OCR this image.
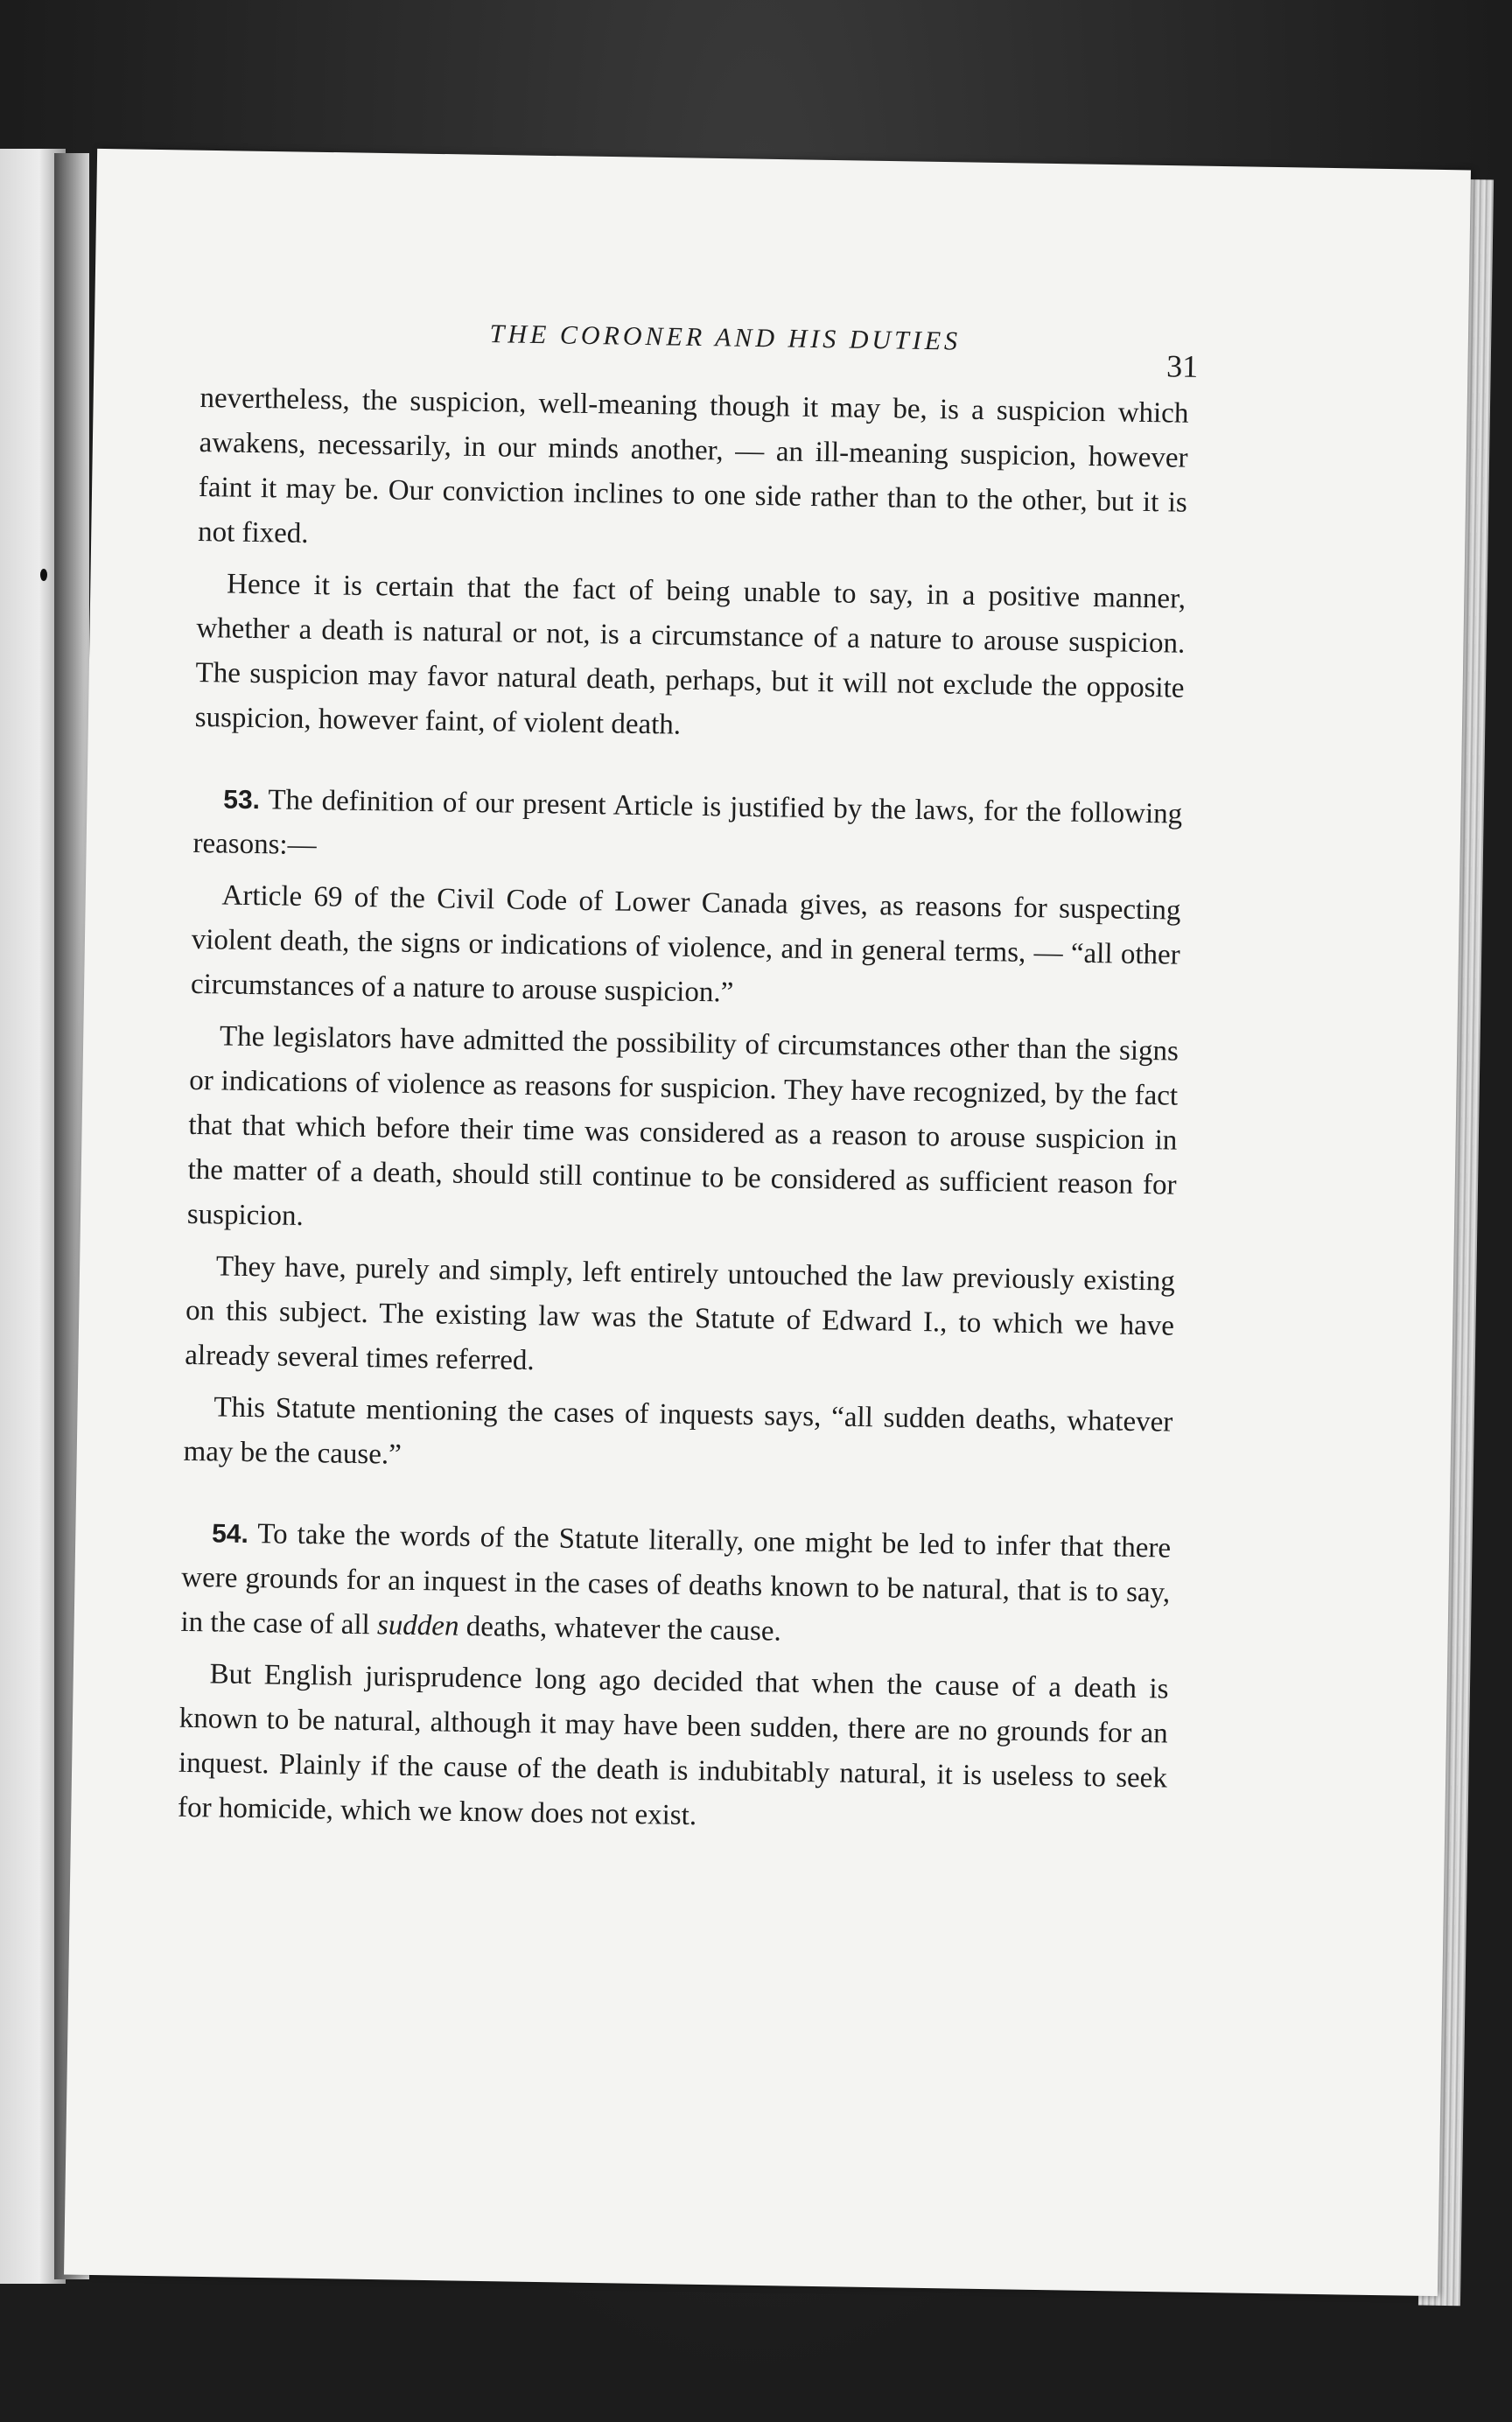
THE CORONER AND HIS DUTIES
31

nevertheless, the suspicion, well-meaning though it may be, is a suspicion which awakens, necessarily, in our minds another, — an ill-meaning suspicion, however faint it may be. Our conviction inclines to one side rather than to the other, but it is not fixed.

Hence it is certain that the fact of being unable to say, in a positive manner, whether a death is natural or not, is a circumstance of a nature to arouse suspicion. The suspicion may favor natural death, perhaps, but it will not exclude the opposite suspicion, however faint, of violent death.

53. The definition of our present Article is justified by the laws, for the following reasons:—

Article 69 of the Civil Code of Lower Canada gives, as reasons for suspecting violent death, the signs or indications of violence, and in general terms, — “all other circumstances of a nature to arouse suspicion.”

The legislators have admitted the possibility of circumstances other than the signs or indications of violence as reasons for suspicion. They have recognized, by the fact that that which before their time was considered as a reason to arouse suspicion in the matter of a death, should still continue to be considered as sufficient reason for suspicion.

They have, purely and simply, left entirely untouched the law previously existing on this subject. The existing law was the Statute of Edward I., to which we have already several times referred.

This Statute mentioning the cases of inquests says, “all sudden deaths, whatever may be the cause.”

54. To take the words of the Statute literally, one might be led to infer that there were grounds for an inquest in the cases of deaths known to be natural, that is to say, in the case of all sudden deaths, whatever the cause.

But English jurisprudence long ago decided that when the cause of a death is known to be natural, although it may have been sudden, there are no grounds for an inquest. Plainly if the cause of the death is indubitably natural, it is useless to seek for homicide, which we know does not exist.
